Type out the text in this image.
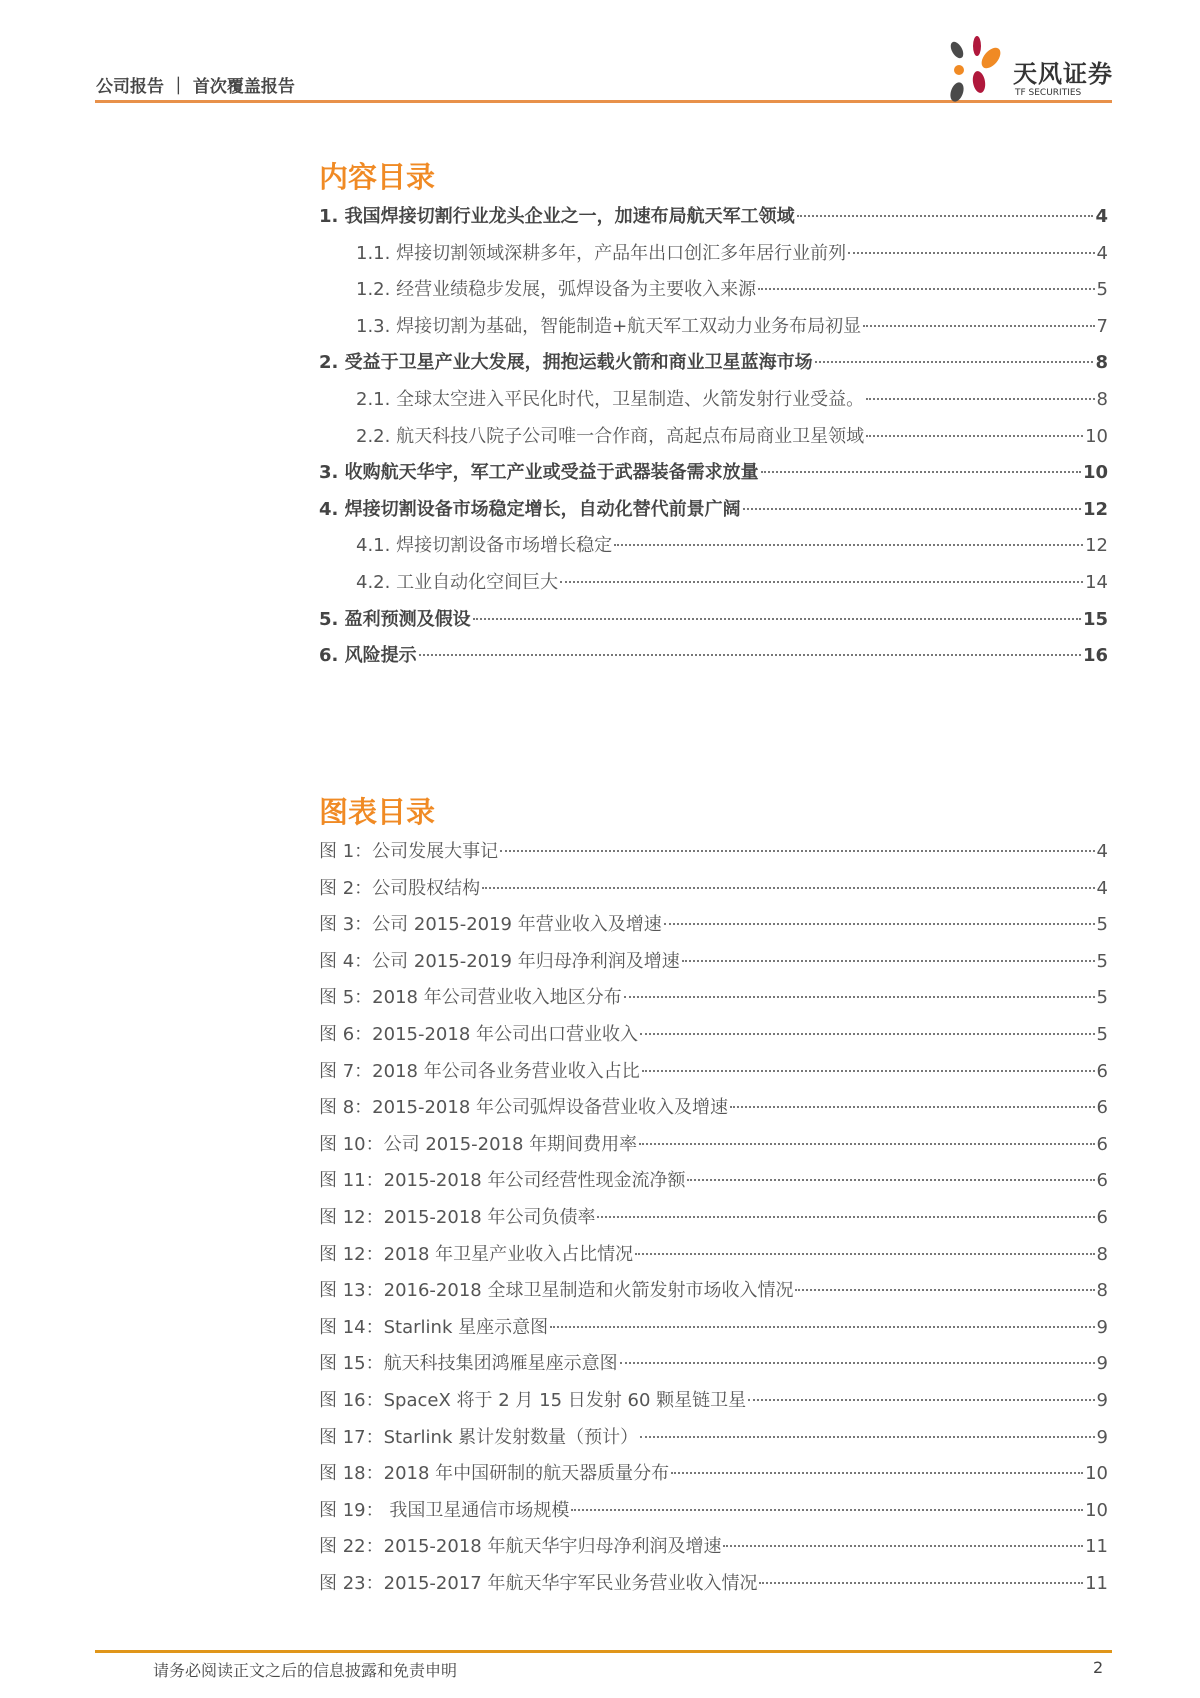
公司报告 ｜ 首次覆盖报告	天风证券
TF SECURITIES
内容目录
1. 我国焊接切割行业龙头企业之一，加速布局航天军工领域	4
1.1. 焊接切割领域深耕多年，产品年出口创汇多年居行业前列	4
1.2. 经营业绩稳步发展，弧焊设备为主要收入来源	5
1.3. 焊接切割为基础，智能制造+航天军工双动力业务布局初显	7
2. 受益于卫星产业大发展，拥抱运载火箭和商业卫星蓝海市场	8
2.1. 全球太空进入平民化时代，卫星制造、火箭发射行业受益。	8
2.2. 航天科技八院子公司唯一合作商，高起点布局商业卫星领域	10
3. 收购航天华宇，军工产业或受益于武器装备需求放量	10
4. 焊接切割设备市场稳定增长，自动化替代前景广阔	12
4.1. 焊接切割设备市场增长稳定	12
4.2. 工业自动化空间巨大	14
5. 盈利预测及假设	15
6. 风险提示	16
图表目录
图 1：公司发展大事记	4
图 2：公司股权结构	4
图 3：公司 2015-2019 年营业收入及增速	5
图 4：公司 2015-2019 年归母净利润及增速	5
图 5：2018 年公司营业收入地区分布	5
图 6：2015-2018 年公司出口营业收入	5
图 7：2018 年公司各业务营业收入占比	6
图 8：2015-2018 年公司弧焊设备营业收入及增速	6
图 10：公司 2015-2018 年期间费用率	6
图 11：2015-2018 年公司经营性现金流净额	6
图 12：2015-2018 年公司负债率	6
图 12：2018 年卫星产业收入占比情况	8
图 13：2016-2018 全球卫星制造和火箭发射市场收入情况	8
图 14：Starlink 星座示意图	9
图 15：航天科技集团鸿雁星座示意图	9
图 16：SpaceX 将于 2 月 15 日发射 60 颗星链卫星	9
图 17：Starlink 累计发射数量（预计）	9
图 18：2018 年中国研制的航天器质量分布	10
图 19： 我国卫星通信市场规模	10
图 22：2015-2018 年航天华宇归母净利润及增速	11
图 23：2015-2017 年航天华宇军民业务营业收入情况	11
请务必阅读正文之后的信息披露和免责申明	2
